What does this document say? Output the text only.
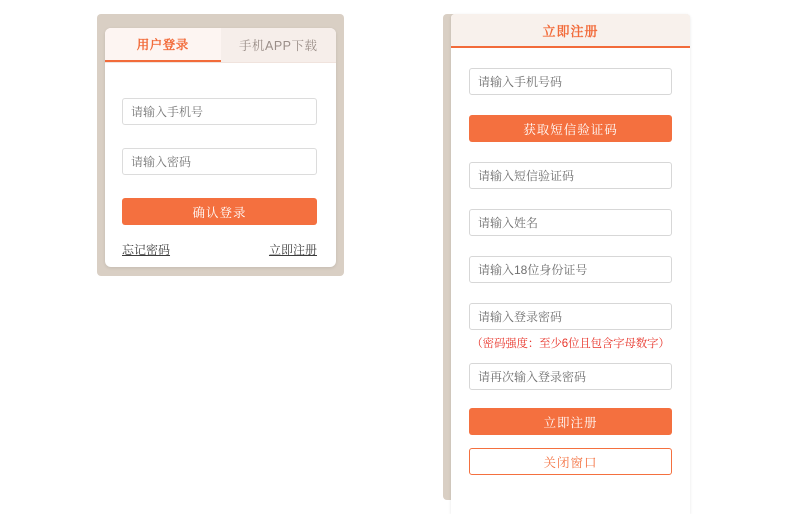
用户登录	手机APP下载
请输入手机号
请输入密码
确认登录
忘记密码	立即注册
立即注册
请输入手机号码
获取短信验证码
请输入短信验证码
请输入姓名
请输入18位身份证号
请输入登录密码
（密码强度：至少6位且包含字母数字）
请再次输入登录密码
立即注册
关闭窗口
